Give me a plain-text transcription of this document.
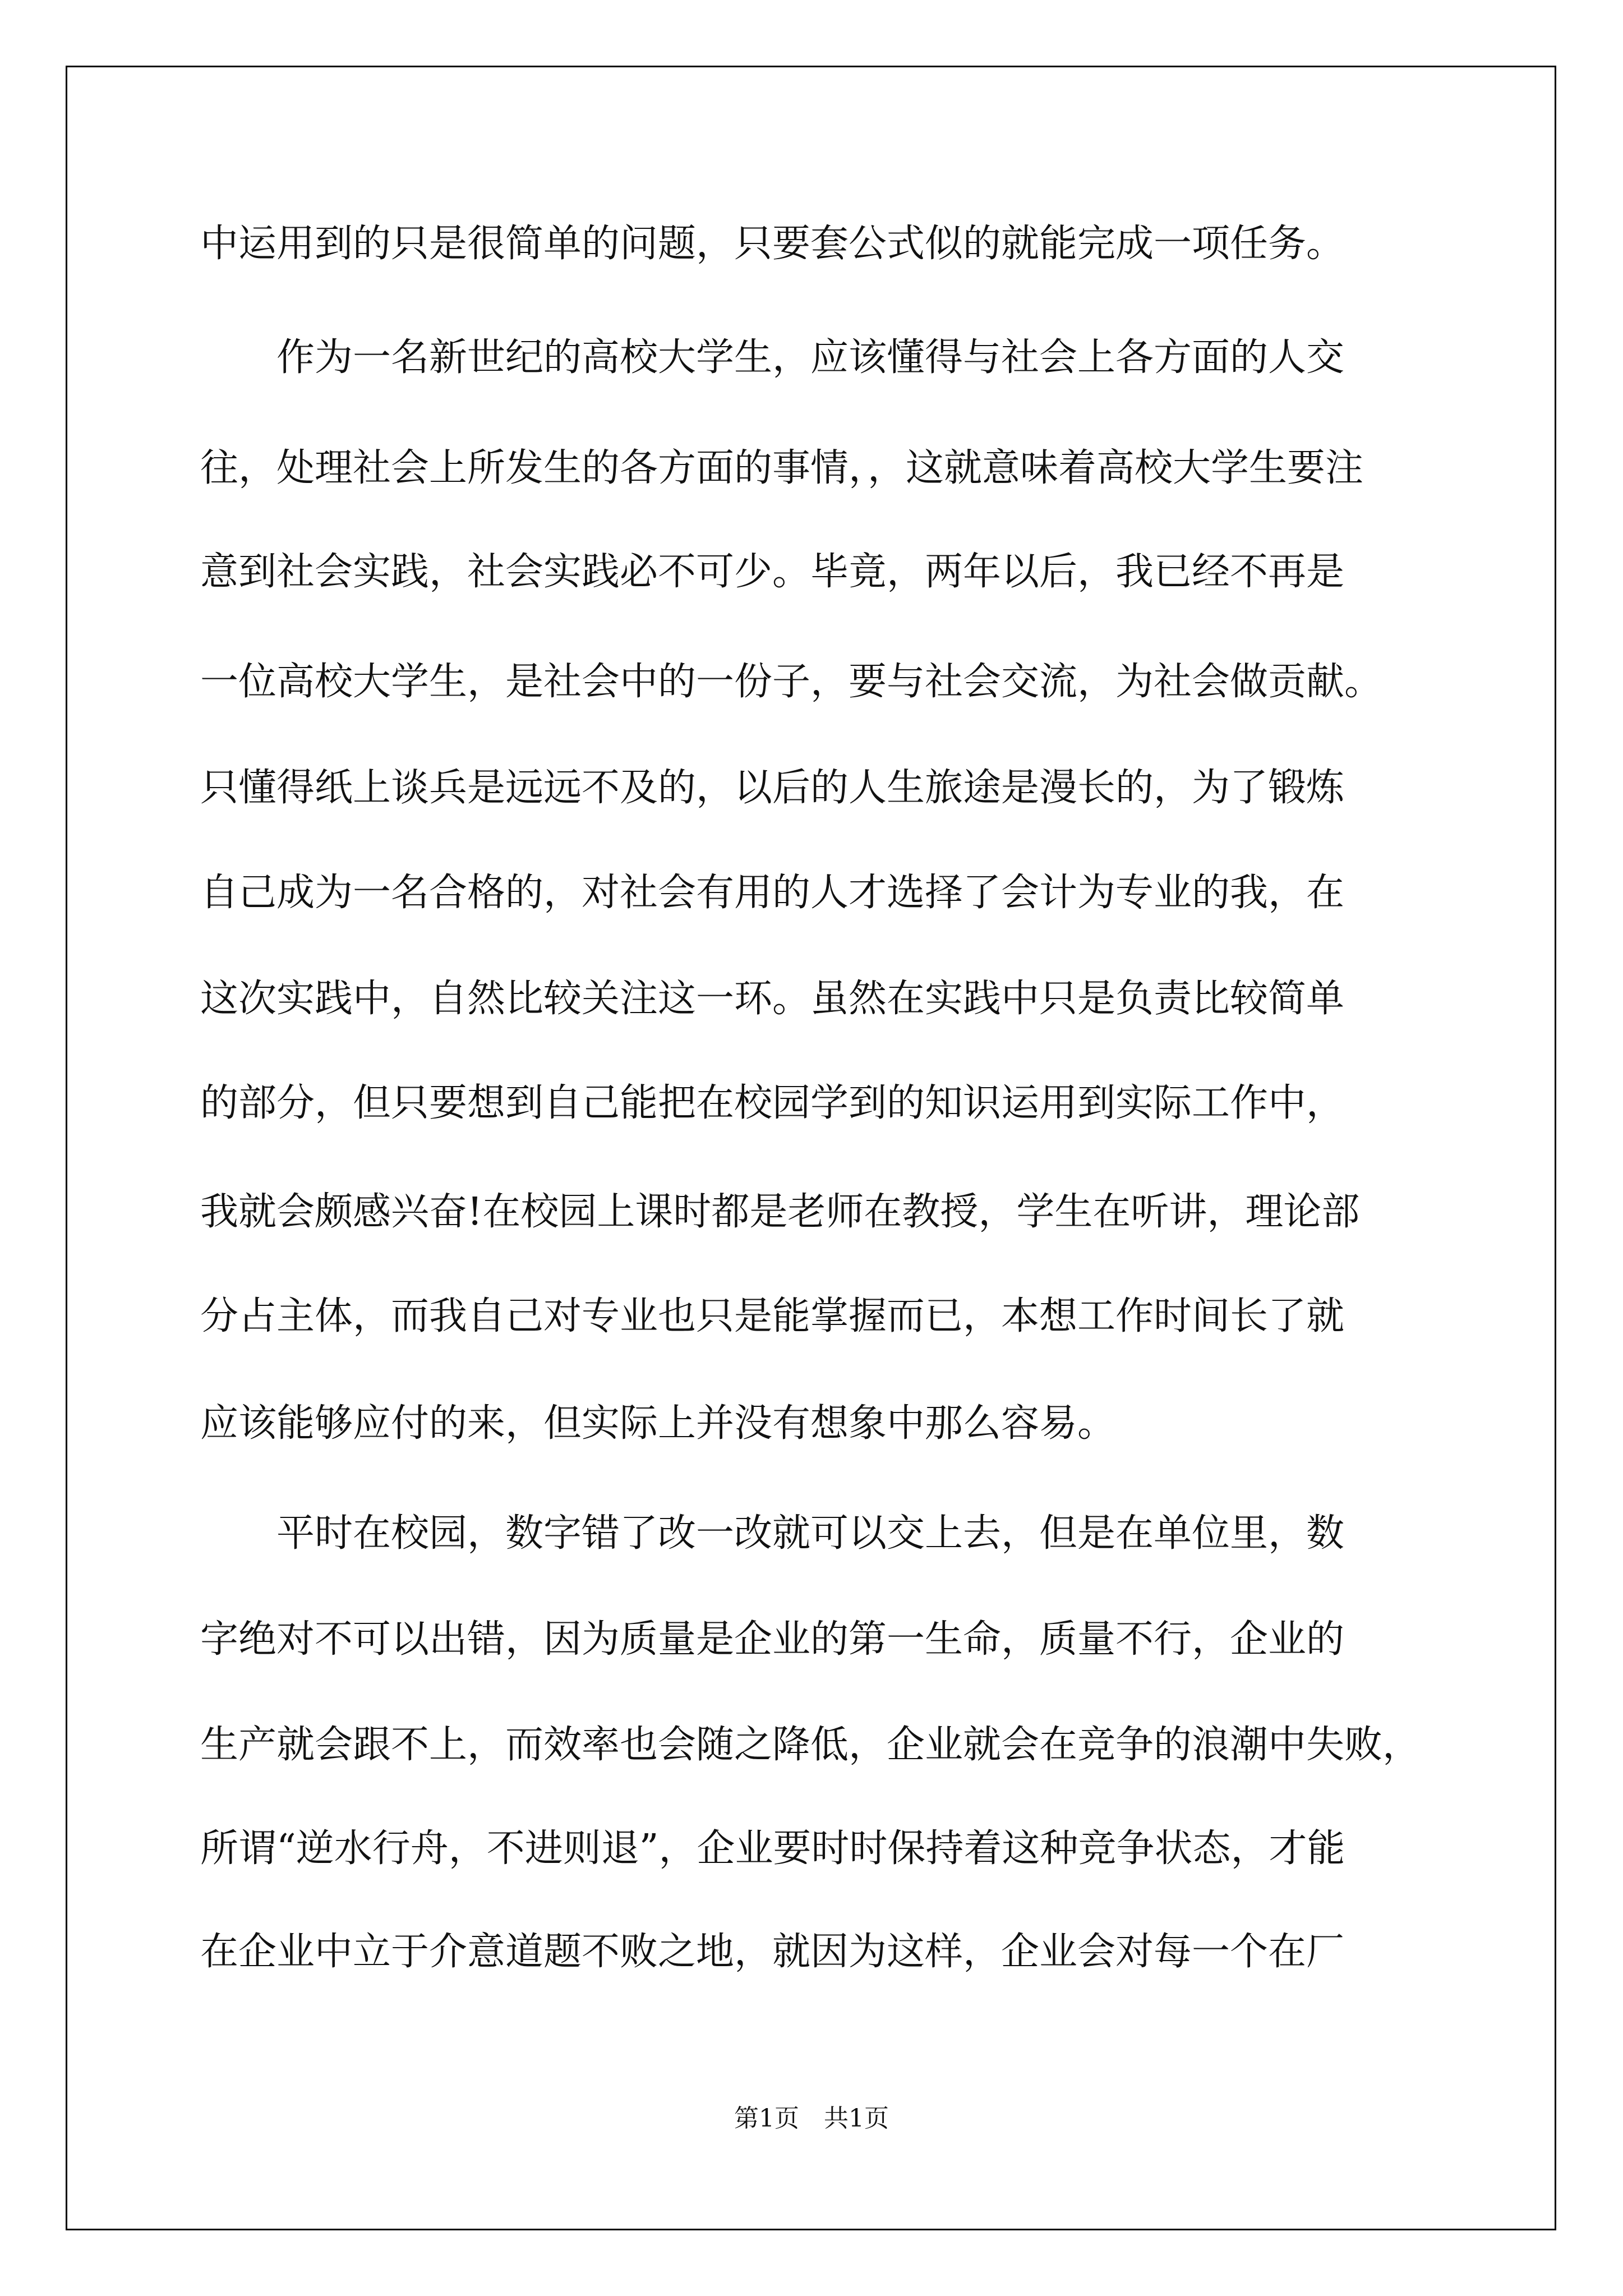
中运用到的只是很简单的问题，只要套公式似的就能完成一项任务。
　　作为一名新世纪的高校大学生，应该懂得与社会上各方面的人交
往，处理社会上所发生的各方面的事情，，这就意味着高校大学生要注
意到社会实践，社会实践必不可少。毕竟，两年以后，我已经不再是
一位高校大学生，是社会中的一份子，要与社会交流，为社会做贡献。
只懂得纸上谈兵是远远不及的，以后的人生旅途是漫长的，为了锻炼
自己成为一名合格的，对社会有用的人才选择了会计为专业的我，在
这次实践中，自然比较关注这一环。虽然在实践中只是负责比较简单
的部分，但只要想到自己能把在校园学到的知识运用到实际工作中，
我就会颇感兴奋!在校园上课时都是老师在教授，学生在听讲，理论部
分占主体，而我自己对专业也只是能掌握而已，本想工作时间长了就
应该能够应付的来，但实际上并没有想象中那么容易。
　　平时在校园，数字错了改一改就可以交上去，但是在单位里，数
字绝对不可以出错，因为质量是企业的第一生命，质量不行，企业的
生产就会跟不上，而效率也会随之降低，企业就会在竞争的浪潮中失败，
所谓“逆水行舟，不进则退”，企业要时时保持着这种竞争状态，才能
在企业中立于介意道题不败之地，就因为这样，企业会对每一个在厂
第1页　共1页
